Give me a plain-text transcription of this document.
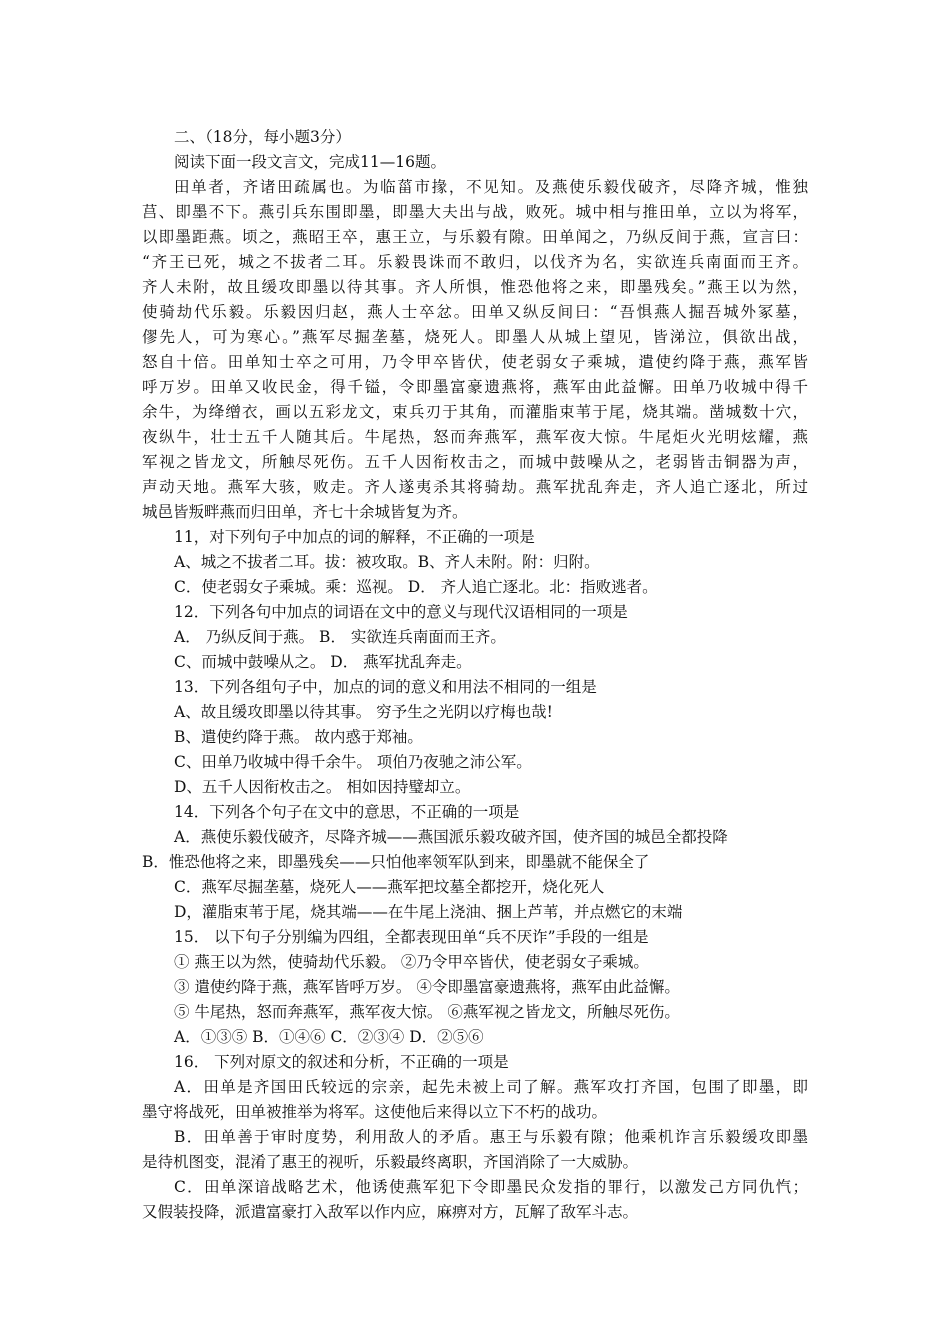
二、（18分，每小题3分）
阅读下面一段文言文，完成11—16题。
田单者，齐诸田疏属也。为临菑市掾，不见知。及燕使乐毅伐破齐，尽降齐城，惟独
莒、即墨不下。燕引兵东围即墨，即墨大夫出与战，败死。城中相与推田单，立以为将军，
以即墨距燕。顷之，燕昭王卒，惠王立，与乐毅有隙。田单闻之，乃纵反间于燕，宣言曰：
“齐王已死，城之不拔者二耳。乐毅畏诛而不敢归，以伐齐为名，实欲连兵南面而王齐。
齐人未附，故且缓攻即墨以待其事。齐人所惧，惟恐他将之来，即墨残矣。”燕王以为然，
使骑劫代乐毅。乐毅因归赵，燕人士卒忿。田单又纵反间曰：“吾惧燕人掘吾城外冢墓，
僇先人，可为寒心。”燕军尽掘垄墓，烧死人。即墨人从城上望见，皆涕泣，俱欲出战，
怒自十倍。田单知士卒之可用，乃令甲卒皆伏，使老弱女子乘城，遣使约降于燕，燕军皆
呼万岁。田单又收民金，得千镒，令即墨富豪遗燕将，燕军由此益懈。田单乃收城中得千
余牛，为绛缯衣，画以五彩龙文，束兵刃于其角，而灌脂束苇于尾，烧其端。凿城数十穴，
夜纵牛，壮士五千人随其后。牛尾热，怒而奔燕军，燕军夜大惊。牛尾炬火光明炫耀，燕
军视之皆龙文，所触尽死伤。五千人因衔枚击之，而城中鼓噪从之，老弱皆击铜器为声，
声动天地。燕军大骇，败走。齐人遂夷杀其将骑劫。燕军扰乱奔走，齐人追亡逐北，所过
城邑皆叛畔燕而归田单，齐七十余城皆复为齐。
11，对下列句子中加点的词的解释，不正确的一项是
A、城之不拔者二耳。拔：被攻取。B、齐人未附。附：归附。
C．使老弱女子乘城。乘：巡视。 D． 齐人追亡逐北。北：指败逃者。
12．下列各句中加点的词语在文中的意义与现代汉语相同的一项是
A． 乃纵反间于燕。 B． 实欲连兵南面而王齐。
C、而城中鼓噪从之。 D． 燕军扰乱奔走。
13．下列各组句子中，加点的词的意义和用法不相同的一组是
A、故且缓攻即墨以待其事。 穷予生之光阴以疗梅也哉!
B、遣使约降于燕。 故内惑于郑袖。
C、田单乃收城中得千余牛。 项伯乃夜驰之沛公军。
D、五千人因衔枚击之。 相如因持璧却立。
14．下列各个句子在文中的意思，不正确的一项是
A．燕使乐毅伐破齐，尽降齐城——燕国派乐毅攻破齐国，使齐国的城邑全都投降
B．惟恐他将之来，即墨残矣——只怕他率领军队到来，即墨就不能保全了
C．燕军尽掘垄墓，烧死人——燕军把坟墓全都挖开，烧化死人
D，灌脂束苇于尾，烧其端——在牛尾上浇油、捆上芦苇，并点燃它的末端
15． 以下句子分别编为四组，全都表现田单“兵不厌诈”手段的一组是
① 燕王以为然，使骑劫代乐毅。 ②乃令甲卒皆伏，使老弱女子乘城。
③ 遣使约降于燕，燕军皆呼万岁。 ④令即墨富豪遗燕将，燕军由此益懈。
⑤ 牛尾热，怒而奔燕军，燕军夜大惊。 ⑥燕军视之皆龙文，所触尽死伤。
A．①③⑤ B．①④⑥ C．②③④ D．②⑤⑥
16． 下列对原文的叙述和分析，不正确的一项是
A．田单是齐国田氏较远的宗亲，起先未被上司了解。燕军攻打齐国，包围了即墨，即
墨守将战死，田单被推举为将军。这使他后来得以立下不朽的战功。
B．田单善于审时度势，利用敌人的矛盾。惠王与乐毅有隙；他乘机诈言乐毅缓攻即墨
是待机图变，混淆了惠王的视听，乐毅最终离职，齐国消除了一大威胁。
C．田单深谙战略艺术，他诱使燕军犯下令即墨民众发指的罪行，以激发己方同仇忾；
又假装投降，派遣富豪打入敌军以作内应，麻痹对方，瓦解了敌军斗志。
